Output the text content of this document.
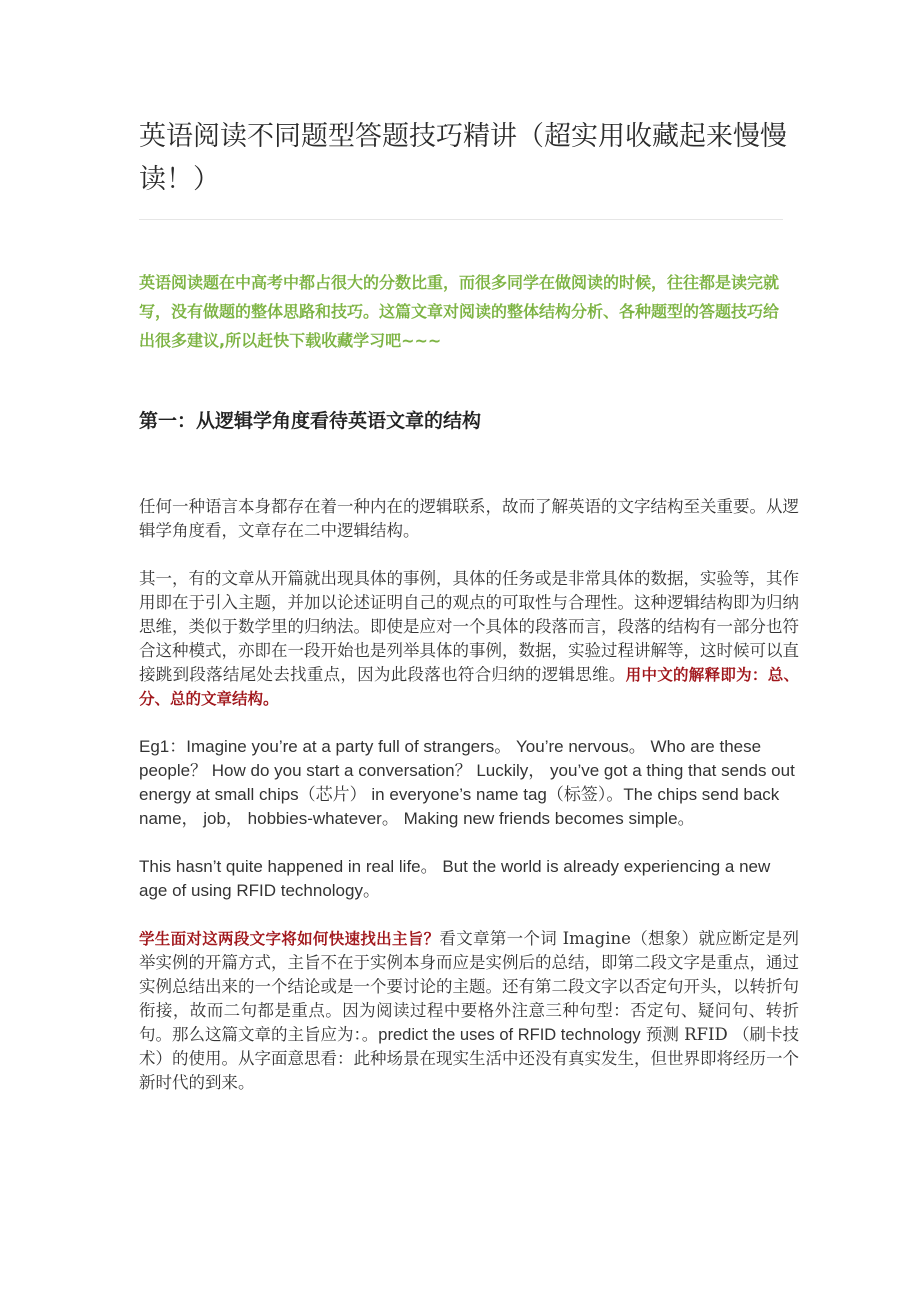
英语阅读不同题型答题技巧精讲（超实用收藏起来慢慢读！）

英语阅读题在中高考中都占很大的分数比重，而很多同学在做阅读的时候，往往都是读完就写，没有做题的整体思路和技巧。这篇文章对阅读的整体结构分析、各种题型的答题技巧给出很多建议,所以赶快下载收藏学习吧~~~

第一：从逻辑学角度看待英语文章的结构

任何一种语言本身都存在着一种内在的逻辑联系，故而了解英语的文字结构至关重要。从逻辑学角度看，文章存在二中逻辑结构。

其一，有的文章从开篇就出现具体的事例，具体的任务或是非常具体的数据，实验等，其作用即在于引入主题，并加以论述证明自己的观点的可取性与合理性。这种逻辑结构即为归纳思维，类似于数学里的归纳法。即使是应对一个具体的段落而言，段落的结构有一部分也符合这种模式，亦即在一段开始也是列举具体的事例，数据，实验过程讲解等，这时候可以直接跳到段落结尾处去找重点，因为此段落也符合归纳的逻辑思维。用中文的解释即为：总、分、总的文章结构。

Eg1：Imagine you’re at a party full of strangers。 You’re nervous。 Who are these people？ How do you start a conversation？ Luckily， you’ve got a thing that sends out energy at small chips（芯片） in everyone’s name tag（标签）。The chips send back name， job， hobbies-whatever。 Making new friends becomes simple。

This hasn’t quite happened in real life。 But the world is already experiencing a new age of using RFID technology。

学生面对这两段文字将如何快速找出主旨？看文章第一个词 Imagine（想象）就应断定是列举实例的开篇方式，主旨不在于实例本身而应是实例后的总结，即第二段文字是重点，通过实例总结出来的一个结论或是一个要讨论的主题。还有第二段文字以否定句开头，以转折句衔接，故而二句都是重点。因为阅读过程中要格外注意三种句型：否定句、疑问句、转折句。那么这篇文章的主旨应为：。predict the uses of RFID technology 预测 RFID （刷卡技术）的使用。从字面意思看：此种场景在现实生活中还没有真实发生，但世界即将经历一个新时代的到来。
